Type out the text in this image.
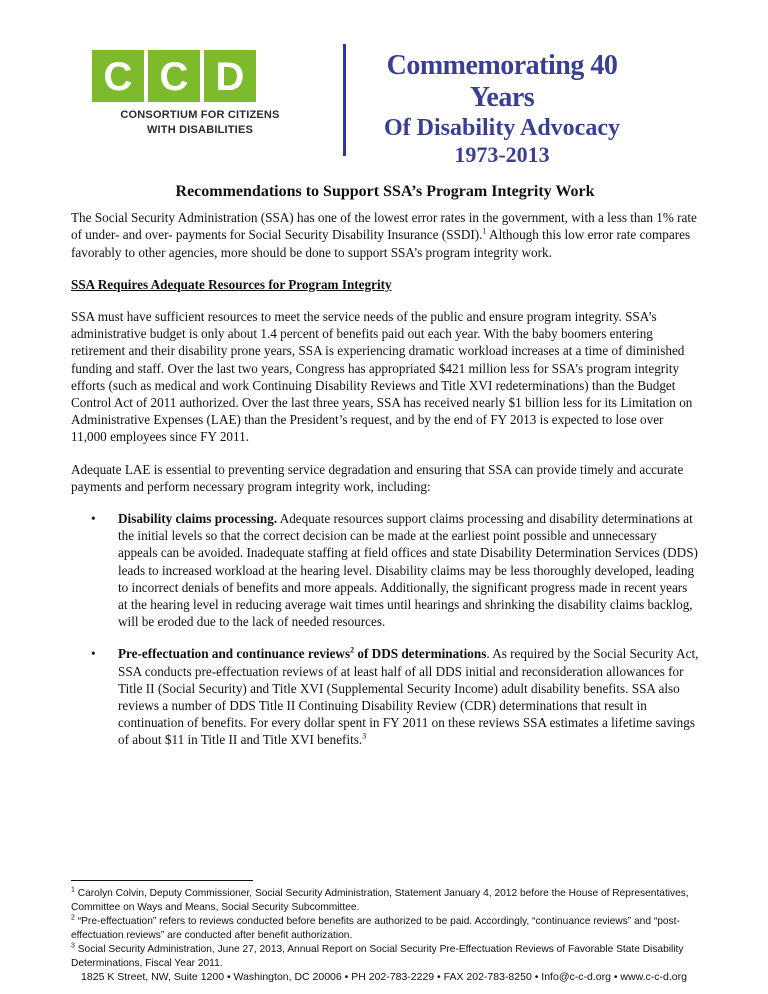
C C D
CONSORTIUM FOR CITIZENS
WITH DISABILITIES
Commemorating 40 Years
Of Disability Advocacy
1973-2013
Recommendations to Support SSA’s Program Integrity Work

The Social Security Administration (SSA) has one of the lowest error rates in the government, with a less than 1% rate of under- and over- payments for Social Security Disability Insurance (SSDI).$^1$ Although this low error rate compares favorably to other agencies, more should be done to support SSA’s program integrity work.

SSA Requires Adequate Resources for Program Integrity

SSA must have sufficient resources to meet the service needs of the public and ensure program integrity. SSA’s administrative budget is only about 1.4 percent of benefits paid out each year. With the baby boomers entering retirement and their disability prone years, SSA is experiencing dramatic workload increases at a time of diminished funding and staff. Over the last two years, Congress has appropriated $421 million less for SSA’s program integrity efforts (such as medical and work Continuing Disability Reviews and Title XVI redeterminations) than the Budget Control Act of 2011 authorized. Over the last three years, SSA has received nearly $1 billion less for its Limitation on Administrative Expenses (LAE) than the President’s request, and by the end of FY 2013 is expected to lose over 11,000 employees since FY 2011.

Adequate LAE is essential to preventing service degradation and ensuring that SSA can provide timely and accurate payments and perform necessary program integrity work, including:

• Disability claims processing. Adequate resources support claims processing and disability determinations at the initial levels so that the correct decision can be made at the earliest point possible and unnecessary appeals can be avoided. Inadequate staffing at field offices and state Disability Determination Services (DDS) leads to increased workload at the hearing level. Disability claims may be less thoroughly developed, leading to incorrect denials of benefits and more appeals. Additionally, the significant progress made in recent years at the hearing level in reducing average wait times until hearings and shrinking the disability claims backlog, will be eroded due to the lack of needed resources.
• Pre-effectuation and continuance reviews$^2$ of DDS determinations. As required by the Social Security Act, SSA conducts pre-effectuation reviews of at least half of all DDS initial and reconsideration allowances for Title II (Social Security) and Title XVI (Supplemental Security Income) adult disability benefits. SSA also reviews a number of DDS Title II Continuing Disability Review (CDR) determinations that result in continuation of benefits. For every dollar spent in FY 2011 on these reviews SSA estimates a lifetime savings of about $11 in Title II and Title XVI benefits.$^3$
$^1$ Carolyn Colvin, Deputy Commissioner, Social Security Administration, Statement January 4, 2012 before the House of Representatives, Committee on Ways and Means, Social Security Subcommittee.
$^2$ “Pre-effectuation” refers to reviews conducted before benefits are authorized to be paid. Accordingly, “continuance reviews” and “post-effectuation reviews” are conducted after benefit authorization.
$^3$ Social Security Administration, June 27, 2013, Annual Report on Social Security Pre-Effectuation Reviews of Favorable State Disability Determinations, Fiscal Year 2011.
1825 K Street, NW, Suite 1200 • Washington, DC 20006 • PH 202-783-2229 • FAX 202-783-8250 • Info@c-c-d.org • www.c-c-d.org
